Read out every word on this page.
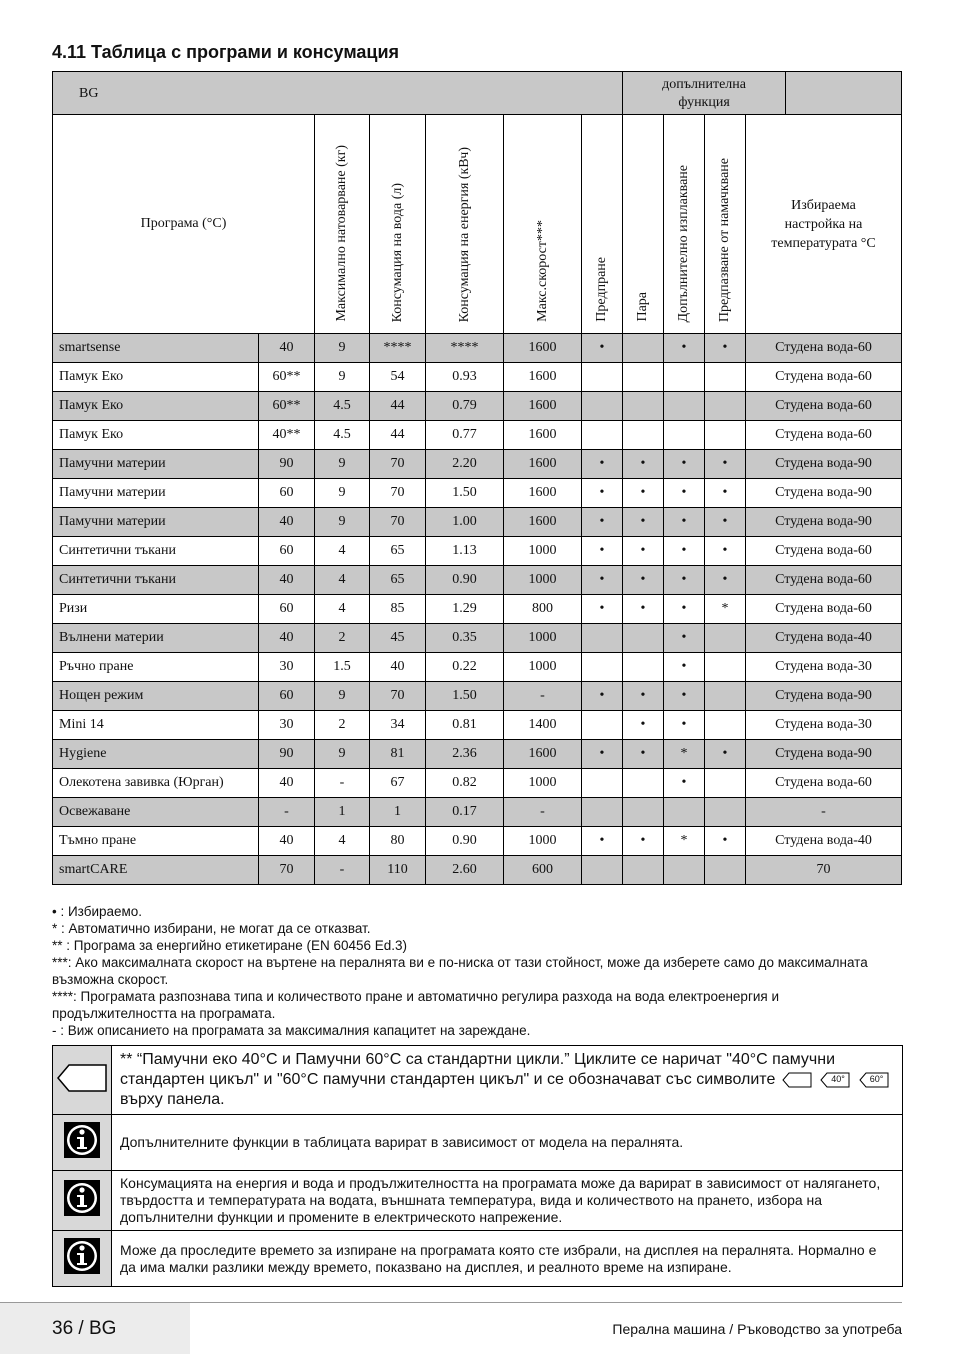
4.11 Таблица с програми и консумация
BG	
допълнителна функция
Програма (°C)		Максимално натоварване (кг)	Консумация на вода (л)	Консумация на енергия (кВч)	Макс.скорост***	Предпране	Пара	Допълнително изплакване	Предпазване от намачкване	Избираема настройка на температурата °C
smartsense	40	9	****	****	1600	•		•	•	Студена вода-60
Памук Еко	60**	9	54	0.93	1600					Студена вода-60
Памук Еко	60**	4.5	44	0.79	1600					Студена вода-60
Памук Еко	40**	4.5	44	0.77	1600					Студена вода-60
Памучни материи	90	9	70	2.20	1600	•	•	•	•	Студена вода-90
Памучни материи	60	9	70	1.50	1600	•	•	•	•	Студена вода-90
Памучни материи	40	9	70	1.00	1600	•	•	•	•	Студена вода-90
Синтетични тъкани	60	4	65	1.13	1000	•	•	•	•	Студена вода-60
Синтетични тъкани	40	4	65	0.90	1000	•	•	•	•	Студена вода-60
Ризи	60	4	85	1.29	800	•	•	•	*	Студена вода-60
Вълнени материи	40	2	45	0.35	1000			•		Студена вода-40
Ръчно пране	30	1.5	40	0.22	1000			•		Студена вода-30
Нощен режим	60	9	70	1.50	-	•	•	•		Студена вода-90
Mini 14	30	2	34	0.81	1400		•	•		Студена вода-30
Hygiene	90	9	81	2.36	1600	•	•	*	•	Студена вода-90
Олекотена завивка (Юрган)	40	-	67	0.82	1000			•		Студена вода-60
Освежаване	-	1	1	0.17	-					-
Тъмно пране	40	4	80	0.90	1000	•	•	*	•	Студена вода-40
smartCARE	70	-	110	2.60	600					70
• : Избираемо.
* : Автоматично избирани, не могат да се отказват.
** : Програма за енергийно етикетиране (EN 60456 Ed.3)
***: Ако максималната скорост на въртене на пералнята ви е по-ниска от тази стойност, може да изберете само до максималната възможна скорост.
****: Програмата разпознава типа и количеството пране и автоматично регулира разхода на вода електроенергия и продължителността на програмата.
- : Виж описанието на програмата за максималния капацитет на зареждане.
	** “Памучни еко 40°C и Памучни 60°C са стандартни цикли.” Циклите се наричат "40°C памучни стандартен цикъл" и "60°C памучни стандартен цикъл" и се обозначават със символите 40°
60°
върху панела.
	Допълнителните функции в таблицата варират в зависимост от модела на пералнята.
	Консумацията на енергия и вода и продължителността на програмата може да варират в зависимост от налягането, твърдостта и температурата на водата, външната температура, вида и количеството на прането, избора на допълнителни функции и промените в електрическото напрежение.
	Може да проследите времето за изпиране на програмата която сте избрали, на дисплея на пералнята. Нормално е да има малки разлики между времето, показвано на дисплея, и реалното време на изпиране.
36 / BG	Перална машина / Ръководство за употреба
